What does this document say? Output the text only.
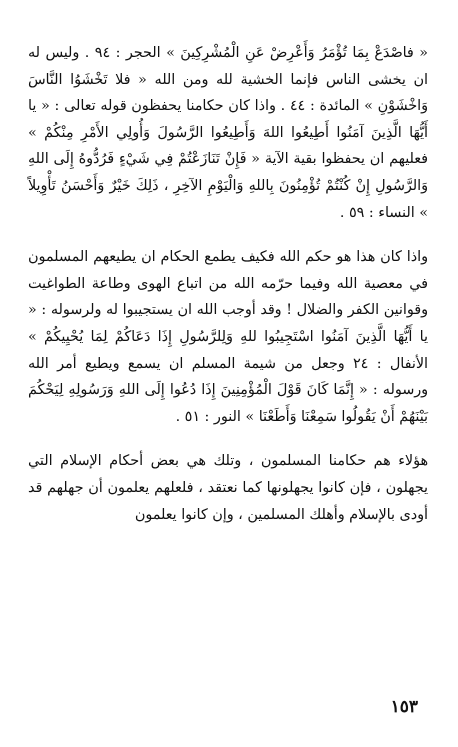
« فاصْدَعْ بِمَا تُؤْمَرُ وَأَعْرِضْ عَنِ الْمُشْرِكِينَ » الحجر : ٩٤ . وليس له ان يخشى الناس فإنما الخشية لله ومن الله « فلا تَخْشَوُا النَّاسَ وَاخْشَوْنِ » المائدة : ٤٤ . واذا كان حكامنا يحفظون قوله تعالى : « يا أَيُّهَا الَّذِينَ آمَنُوا أَطِيعُوا اللهَ وَأَطِيعُوا الرَّسُولَ وَأُولِي الأَمْرِ مِنْكُمْ » فعليهم ان يحفظوا بقية الآية « فَإِنْ تَنَازَعْتُمْ فِي شَيْءٍ فَرُدُّوهُ إِلَى اللهِ وَالرَّسُولِ إِنْ كُنْتُمْ تُؤْمِنُونَ بِاللهِ وَالْيَوْمِ الآخِرِ ، ذَلِكَ خَيْرٌ وَأَحْسَنُ تَأْوِيلاً » النساء : ٥٩ .

واذا كان هذا هو حكم الله فكيف يطمع الحكام ان يطيعهم المسلمون في معصية الله وفيما حرّمه الله من اتباع الهوى وطاعة الطواغيت وقوانين الكفر والضلال ! وقد أوجب الله ان يستجيبوا له ولرسوله : « يا أَيُّهَا الَّذِينَ آمَنُوا اسْتَجِيبُوا للهِ وَلِلرَّسُولِ إِذَا دَعَاكُمْ لِمَا يُحْيِيكُمْ » الأنفال : ٢٤ وجعل من شيمة المسلم ان يسمع ويطيع أمر الله ورسوله : « إِنَّمَا كَانَ قَوْلَ الْمُؤْمِنِينَ إِذَا دُعُوا إِلَى اللهِ وَرَسُولِهِ لِيَحْكُمَ بَيْنَهُمْ أَنْ يَقُولُوا سَمِعْنَا وَأَطَعْنَا » النور : ٥١ .

هؤلاء هم حكامنا المسلمون ، وتلك هي بعض أحكام الإسلام التي يجهلون ، فإن كانوا يجهلونها كما نعتقد ، فلعلهم يعلمون أن جهلهم قد أودى بالإسلام وأهلك المسلمين ، وإن كانوا يعلمون

١٥٣
